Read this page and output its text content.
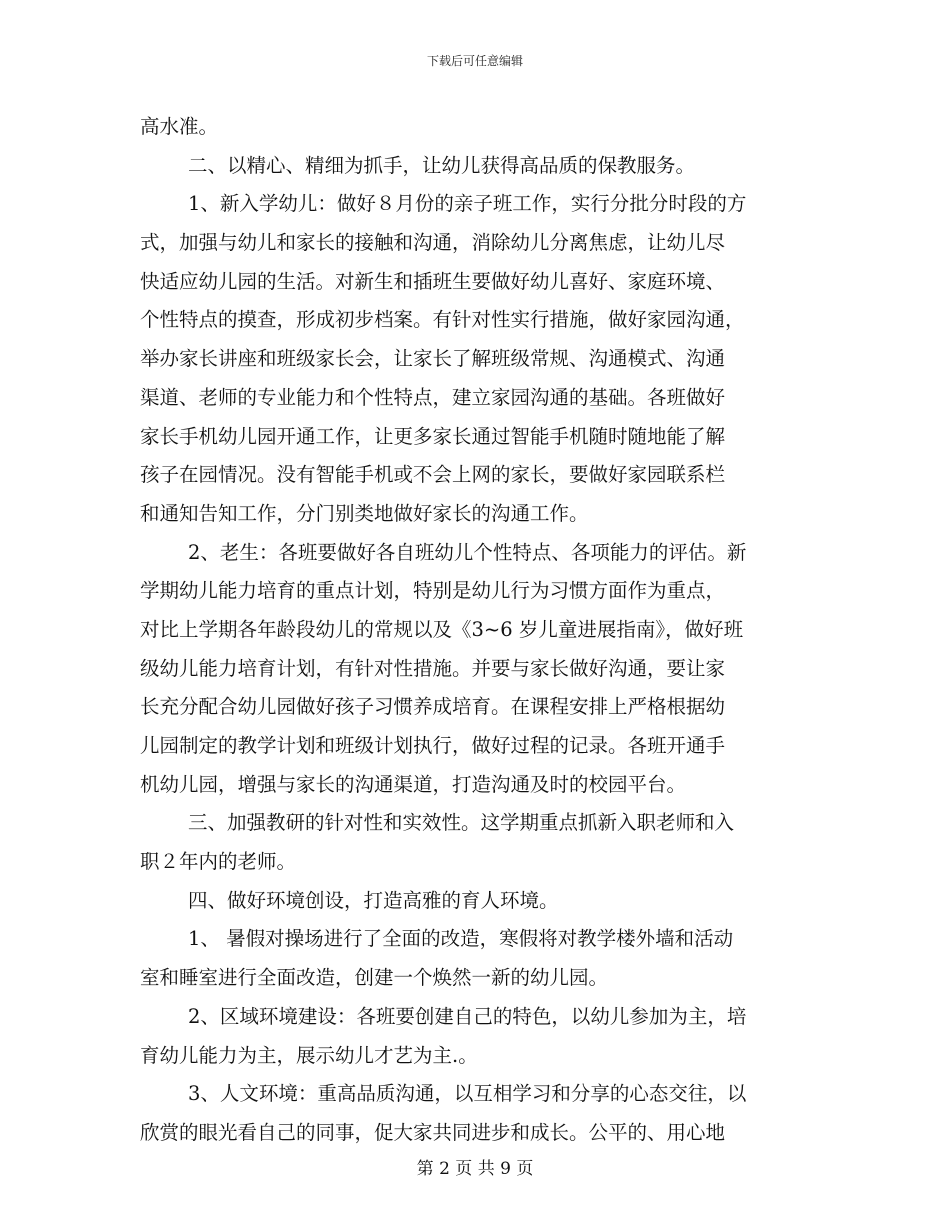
下载后可任意编辑
高水准。
二、以精心、精细为抓手，让幼儿获得高品质的保教服务。
1、新入学幼儿：做好８月份的亲子班工作，实行分批分时段的方
式，加强与幼儿和家长的接触和沟通，消除幼儿分离焦虑，让幼儿尽
快适应幼儿园的生活。对新生和插班生要做好幼儿喜好、家庭环境、
个性特点的摸查，形成初步档案。有针对性实行措施，做好家园沟通，
举办家长讲座和班级家长会，让家长了解班级常规、沟通模式、沟通
渠道、老师的专业能力和个性特点，建立家园沟通的基础。各班做好
家长手机幼儿园开通工作，让更多家长通过智能手机随时随地能了解
孩子在园情况。没有智能手机或不会上网的家长，要做好家园联系栏
和通知告知工作，分门别类地做好家长的沟通工作。
2、老生：各班要做好各自班幼儿个性特点、各项能力的评估。新
学期幼儿能力培育的重点计划，特别是幼儿行为习惯方面作为重点，
对比上学期各年龄段幼儿的常规以及《3~6 岁儿童进展指南》，做好班
级幼儿能力培育计划，有针对性措施。并要与家长做好沟通，要让家
长充分配合幼儿园做好孩子习惯养成培育。在课程安排上严格根据幼
儿园制定的教学计划和班级计划执行，做好过程的记录。各班开通手
机幼儿园，增强与家长的沟通渠道，打造沟通及时的校园平台。
三、加强教研的针对性和实效性。这学期重点抓新入职老师和入
职２年内的老师。
四、做好环境创设，打造高雅的育人环境。
1、 暑假对操场进行了全面的改造，寒假将对教学楼外墙和活动
室和睡室进行全面改造，创建一个焕然一新的幼儿园。
2、区域环境建设：各班要创建自己的特色，以幼儿参加为主，培
育幼儿能力为主，展示幼儿才艺为主.。
3、人文环境：重高品质沟通，以互相学习和分享的心态交往，以
欣赏的眼光看自己的同事，促大家共同进步和成长。公平的、用心地
第 2 页 共 9 页
